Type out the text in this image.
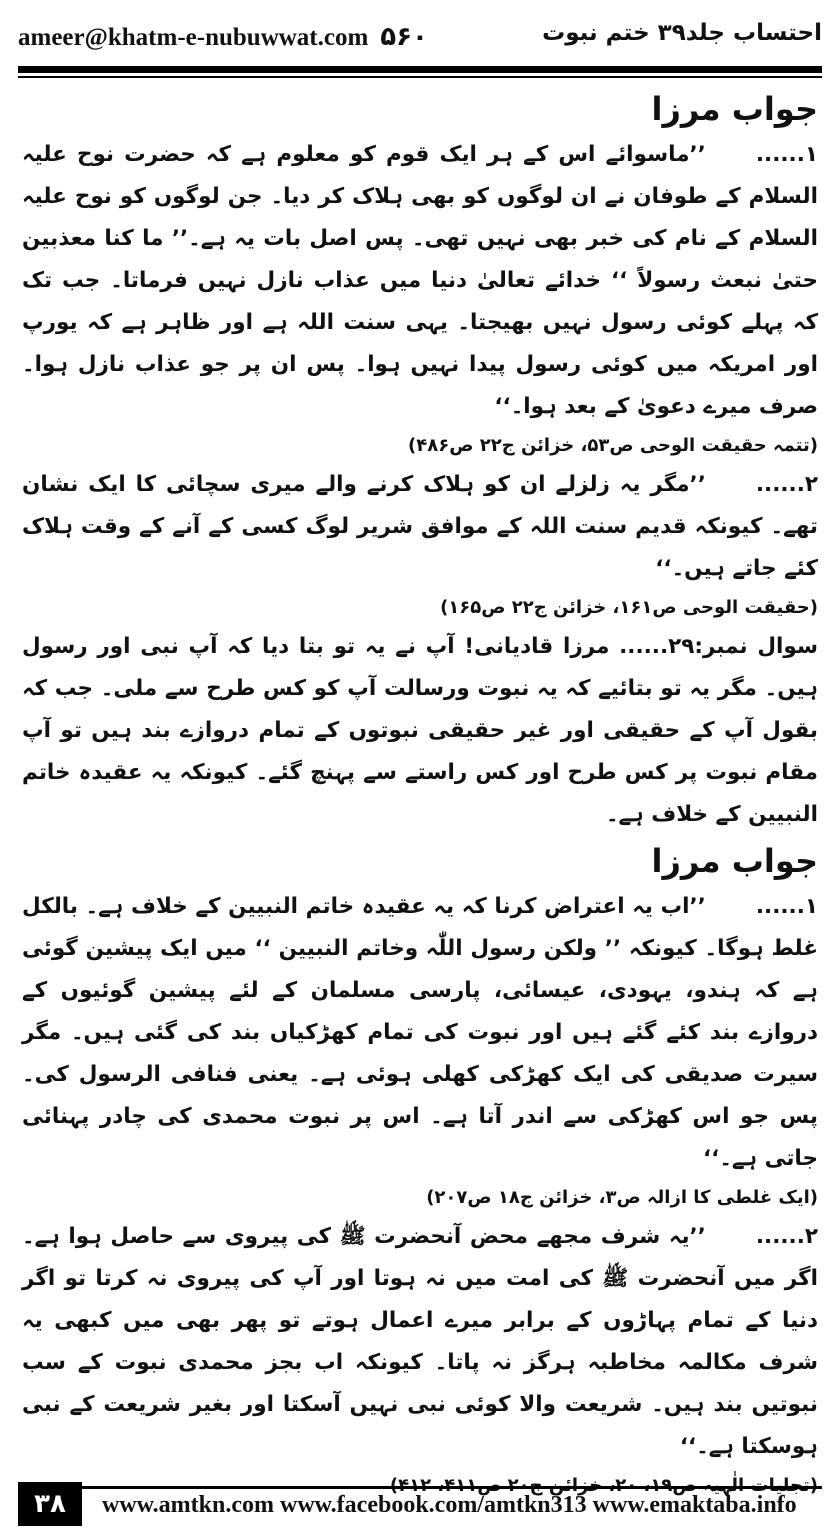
ameer@khatm-e-nubuwwat.com ۵۶۰	احتساب جلد۳۹ ختم نبوت

جواب مرزا

۱......’’ماسوائے اس کے ہر ایک قوم کو معلوم ہے کہ حضرت نوح علیہ السلام کے طوفان نے ان لوگوں کو بھی ہلاک کر دیا۔ جن لوگوں کو نوح علیہ السلام کے نام کی خبر بھی نہیں تھی۔ پس اصل بات یہ ہے۔’’ ما کنا معذبین حتیٰ نبعث رسولاً ‘‘ خدائے تعالیٰ دنیا میں عذاب نازل نہیں فرماتا۔ جب تک کہ پہلے کوئی رسول نہیں بھیجتا۔ یہی سنت اللہ ہے اور ظاہر ہے کہ یورپ اور امریکہ میں کوئی رسول پیدا نہیں ہوا۔ پس ان پر جو عذاب نازل ہوا۔ صرف میرے دعویٰ کے بعد ہوا۔‘‘

(تتمہ حقیقت الوحی ص۵۳، خزائن ج۲۲ ص۴۸۶)

۲......’’مگر یہ زلزلے ان کو ہلاک کرنے والے میری سچائی کا ایک نشان تھے۔ کیونکہ قدیم سنت اللہ کے موافق شریر لوگ کسی کے آنے کے وقت ہلاک کئے جاتے ہیں۔‘‘

(حقیقت الوحی ص۱۶۱، خزائن ج۲۲ ص۱۶۵)

سوال نمبر:۲۹...... مرزا قادیانی! آپ نے یہ تو بتا دیا کہ آپ نبی اور رسول ہیں۔ مگر یہ تو بتائیے کہ یہ نبوت ورسالت آپ کو کس طرح سے ملی۔ جب کہ بقول آپ کے حقیقی اور غیر حقیقی نبوتوں کے تمام دروازے بند ہیں تو آپ مقام نبوت پر کس طرح اور کس راستے سے پہنچ گئے۔ کیونکہ یہ عقیدہ خاتم النبیین کے خلاف ہے۔

جواب مرزا

۱......’’اب یہ اعتراض کرنا کہ یہ عقیدہ خاتم النبیین کے خلاف ہے۔ بالکل غلط ہوگا۔ کیونکہ ’’ ولکن رسول اللّٰہ وخاتم النبیین ‘‘ میں ایک پیشین گوئی ہے کہ ہندو، یہودی، عیسائی، پارسی مسلمان کے لئے پیشین گوئیوں کے دروازے بند کئے گئے ہیں اور نبوت کی تمام کھڑکیاں بند کی گئی ہیں۔ مگر سیرت صدیقی کی ایک کھڑکی کھلی ہوئی ہے۔ یعنی فنافی الرسول کی۔ پس جو اس کھڑکی سے اندر آتا ہے۔ اس پر نبوت محمدی کی چادر پہنائی جاتی ہے۔‘‘

(ایک غلطی کا ازالہ ص۳، خزائن ج۱۸ ص۲۰۷)

۲......’’یہ شرف مجھے محض آنحضرت ﷺ کی پیروی سے حاصل ہوا ہے۔ اگر میں آنحضرت ﷺ کی امت میں نہ ہوتا اور آپ کی پیروی نہ کرتا تو اگر دنیا کے تمام پہاڑوں کے برابر میرے اعمال ہوتے تو پھر بھی میں کبھی یہ شرف مکالمہ مخاطبہ ہرگز نہ پاتا۔ کیونکہ اب بجز محمدی نبوت کے سب نبوتیں بند ہیں۔ شریعت والا کوئی نبی نہیں آسکتا اور بغیر شریعت کے نبی ہوسکتا ہے۔‘‘

۳۸	www.amtkn.com www.facebook.com/amtkn313 www.emaktaba.info
